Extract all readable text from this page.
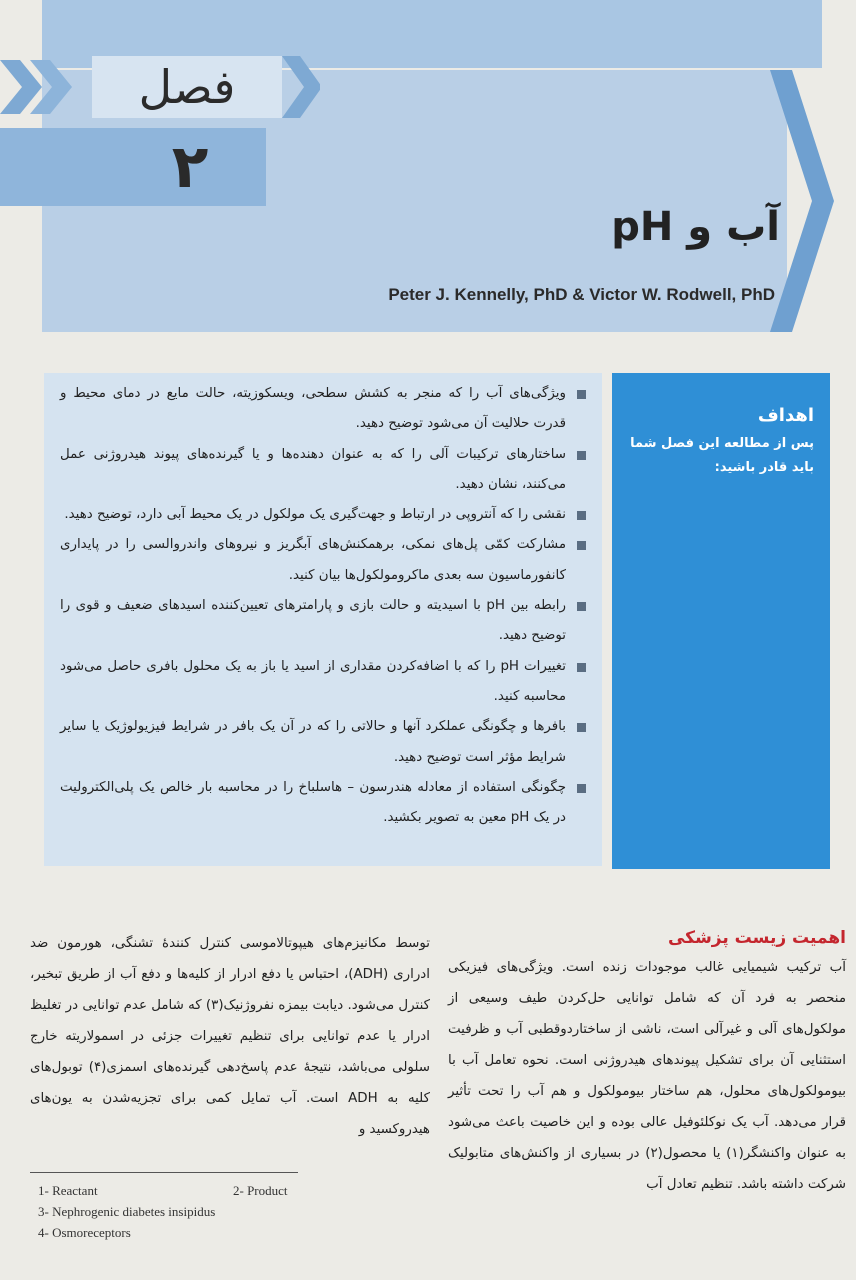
فصل
۲
آب و pH
Peter J. Kennelly, PhD & Victor W. Rodwell, PhD
ویژگی‌های آب را که منجر به کشش سطحی، ویسکوزیته، حالت مایع در دمای محیط و قدرت حلالیت آن می‌شود توضیح دهید.
ساختارهای ترکیبات آلی را که به عنوان دهنده‌ها و یا گیرنده‌های پیوند هیدروژنی عمل می‌کنند، نشان دهید.
نقشی را که آنتروپی در ارتباط و جهت‌گیری یک مولکول در یک محیط آبی دارد، توضیح دهید.
مشارکت کمّی پل‌های نمکی، برهمکنش‌های آبگریز و نیروهای واندروالسی را در پایداری کانفورماسیون سه بعدی ماکرومولکول‌ها بیان کنید.
رابطه بین pH با اسیدیته و حالت بازی و پارامترهای تعیین‌کننده اسیدهای ضعیف و قوی را توضیح دهید.
تغییرات pH را که با اضافه‌کردن مقداری از اسید یا باز به یک محلول بافری حاصل می‌شود محاسبه کنید.
بافرها و چگونگی عملکرد آنها و حالاتی را که در آن یک بافر در شرایط فیزیولوژیک یا سایر شرایط مؤثر است توضیح دهید.
چگونگی استفاده از معادله هندرسون – هاسلباخ را در محاسبه بار خالص یک پلی‌الکترولیت در یک pH معین به تصویر بکشید.
اهداف
پس از مطالعه این فصل شما باید قادر باشید:
اهمیت زیست پزشکی

آب ترکیب شیمیایی غالب موجودات زنده است. ویژگی‌های فیزیکی منحصر به فرد آن که شامل توانایی حل‌کردن طیف وسیعی از مولکول‌های آلی و غیرآلی است، ناشی از ساختاردوقطبی آب و ظرفیت استثنایی آن برای تشکیل پیوندهای هیدروژنی است. نحوه تعامل آب با بیومولکول‌های محلول، هم ساختار بیومولکول و هم آب را تحت تأثیر قرار می‌دهد. آب یک نوکلئوفیل عالی بوده و این خاصیت باعث می‌شود به عنوان واکنشگر(۱) یا محصول(۲) در بسیاری از واکنش‌های متابولیک شرکت داشته باشد. تنظیم تعادل آب

توسط مکانیزم‌های هیپوتالاموسی کنترل کنندهٔ تشنگی، هورمون ضد ادراری (ADH)، احتباس یا دفع ادرار از کلیه‌ها و دفع آب از طریق تبخیر، کنترل می‌شود. دیابت بیمزه نفروژنیک(۳) که شامل عدم توانایی در تغلیظ ادرار یا عدم توانایی برای تنظیم تغییرات جزئی در اسمولاریته خارج سلولی می‌باشد، نتیجهٔ عدم پاسخ‌دهی گیرنده‌های اسمزی(۴) توبول‌های کلیه به ADH است. آب تمایل کمی برای تجزیه‌شدن به یون‌های هیدروکسید و

1- Reactant	2- Product
3- Nephrogenic diabetes insipidus
4- Osmoreceptors
